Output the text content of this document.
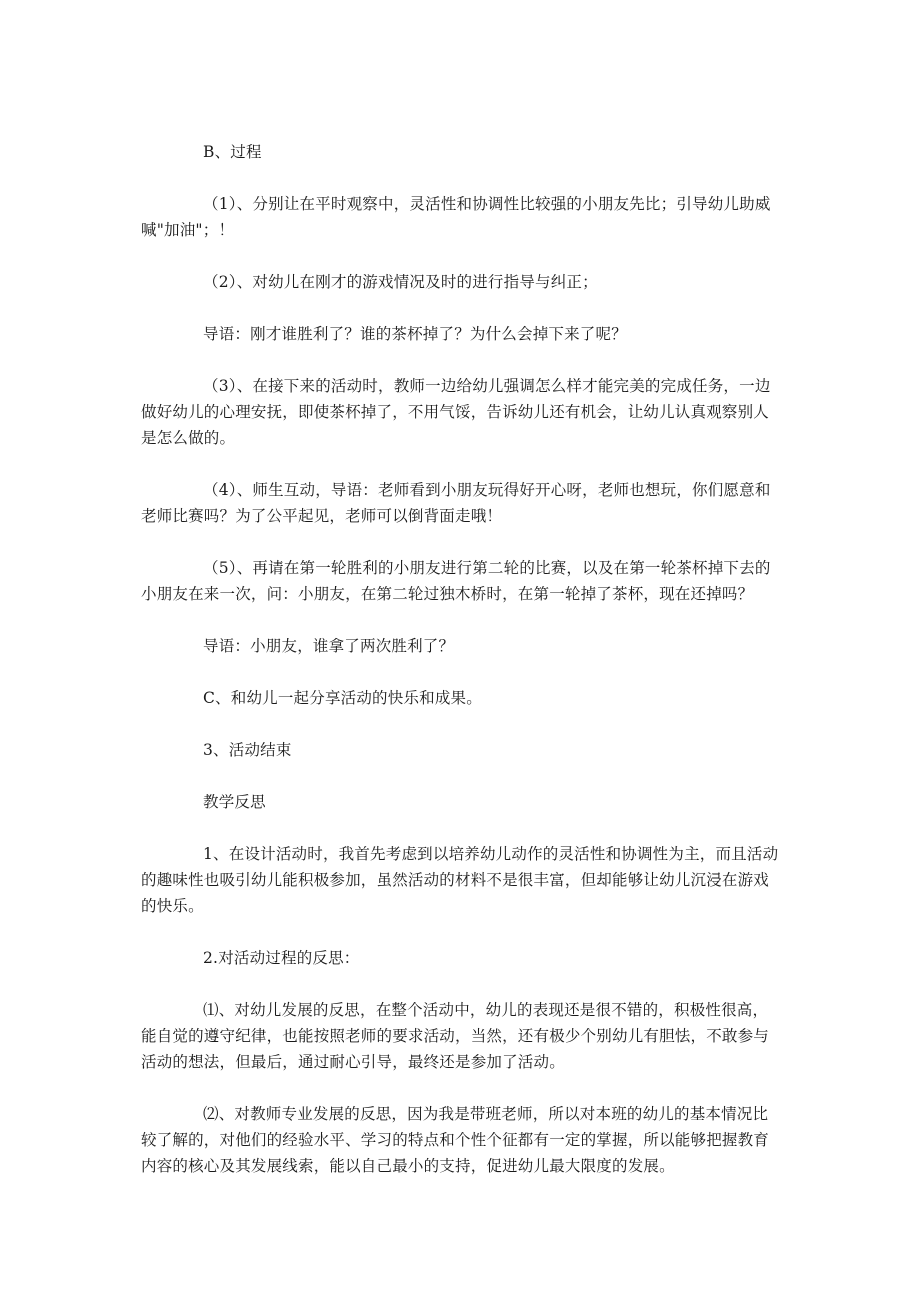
B、过程

（1）、分别让在平时观察中，灵活性和协调性比较强的小朋友先比；引导幼儿助威喊"加油"；！

（2）、对幼儿在刚才的游戏情况及时的进行指导与纠正；

导语：刚才谁胜利了？谁的茶杯掉了？为什么会掉下来了呢？

（3）、在接下来的活动时，教师一边给幼儿强调怎么样才能完美的完成任务，一边做好幼儿的心理安抚，即使茶杯掉了，不用气馁，告诉幼儿还有机会，让幼儿认真观察别人是怎么做的。

（4）、师生互动，导语：老师看到小朋友玩得好开心呀，老师也想玩，你们愿意和老师比赛吗？为了公平起见，老师可以倒背面走哦！

（5）、再请在第一轮胜利的小朋友进行第二轮的比赛，以及在第一轮茶杯掉下去的小朋友在来一次，问：小朋友，在第二轮过独木桥时，在第一轮掉了茶杯，现在还掉吗？

导语：小朋友，谁拿了两次胜利了？

C、和幼儿一起分享活动的快乐和成果。

3、活动结束

教学反思

1、在设计活动时，我首先考虑到以培养幼儿动作的灵活性和协调性为主，而且活动的趣味性也吸引幼儿能积极参加，虽然活动的材料不是很丰富，但却能够让幼儿沉浸在游戏的快乐。

2.对活动过程的反思：

⑴、对幼儿发展的反思，在整个活动中，幼儿的表现还是很不错的，积极性很高，能自觉的遵守纪律，也能按照老师的要求活动，当然，还有极少个别幼儿有胆怯，不敢参与活动的想法，但最后，通过耐心引导，最终还是参加了活动。

⑵、对教师专业发展的反思，因为我是带班老师，所以对本班的幼儿的基本情况比较了解的，对他们的经验水平、学习的特点和个性个征都有一定的掌握，所以能够把握教育内容的核心及其发展线索，能以自己最小的支持，促进幼儿最大限度的发展。
